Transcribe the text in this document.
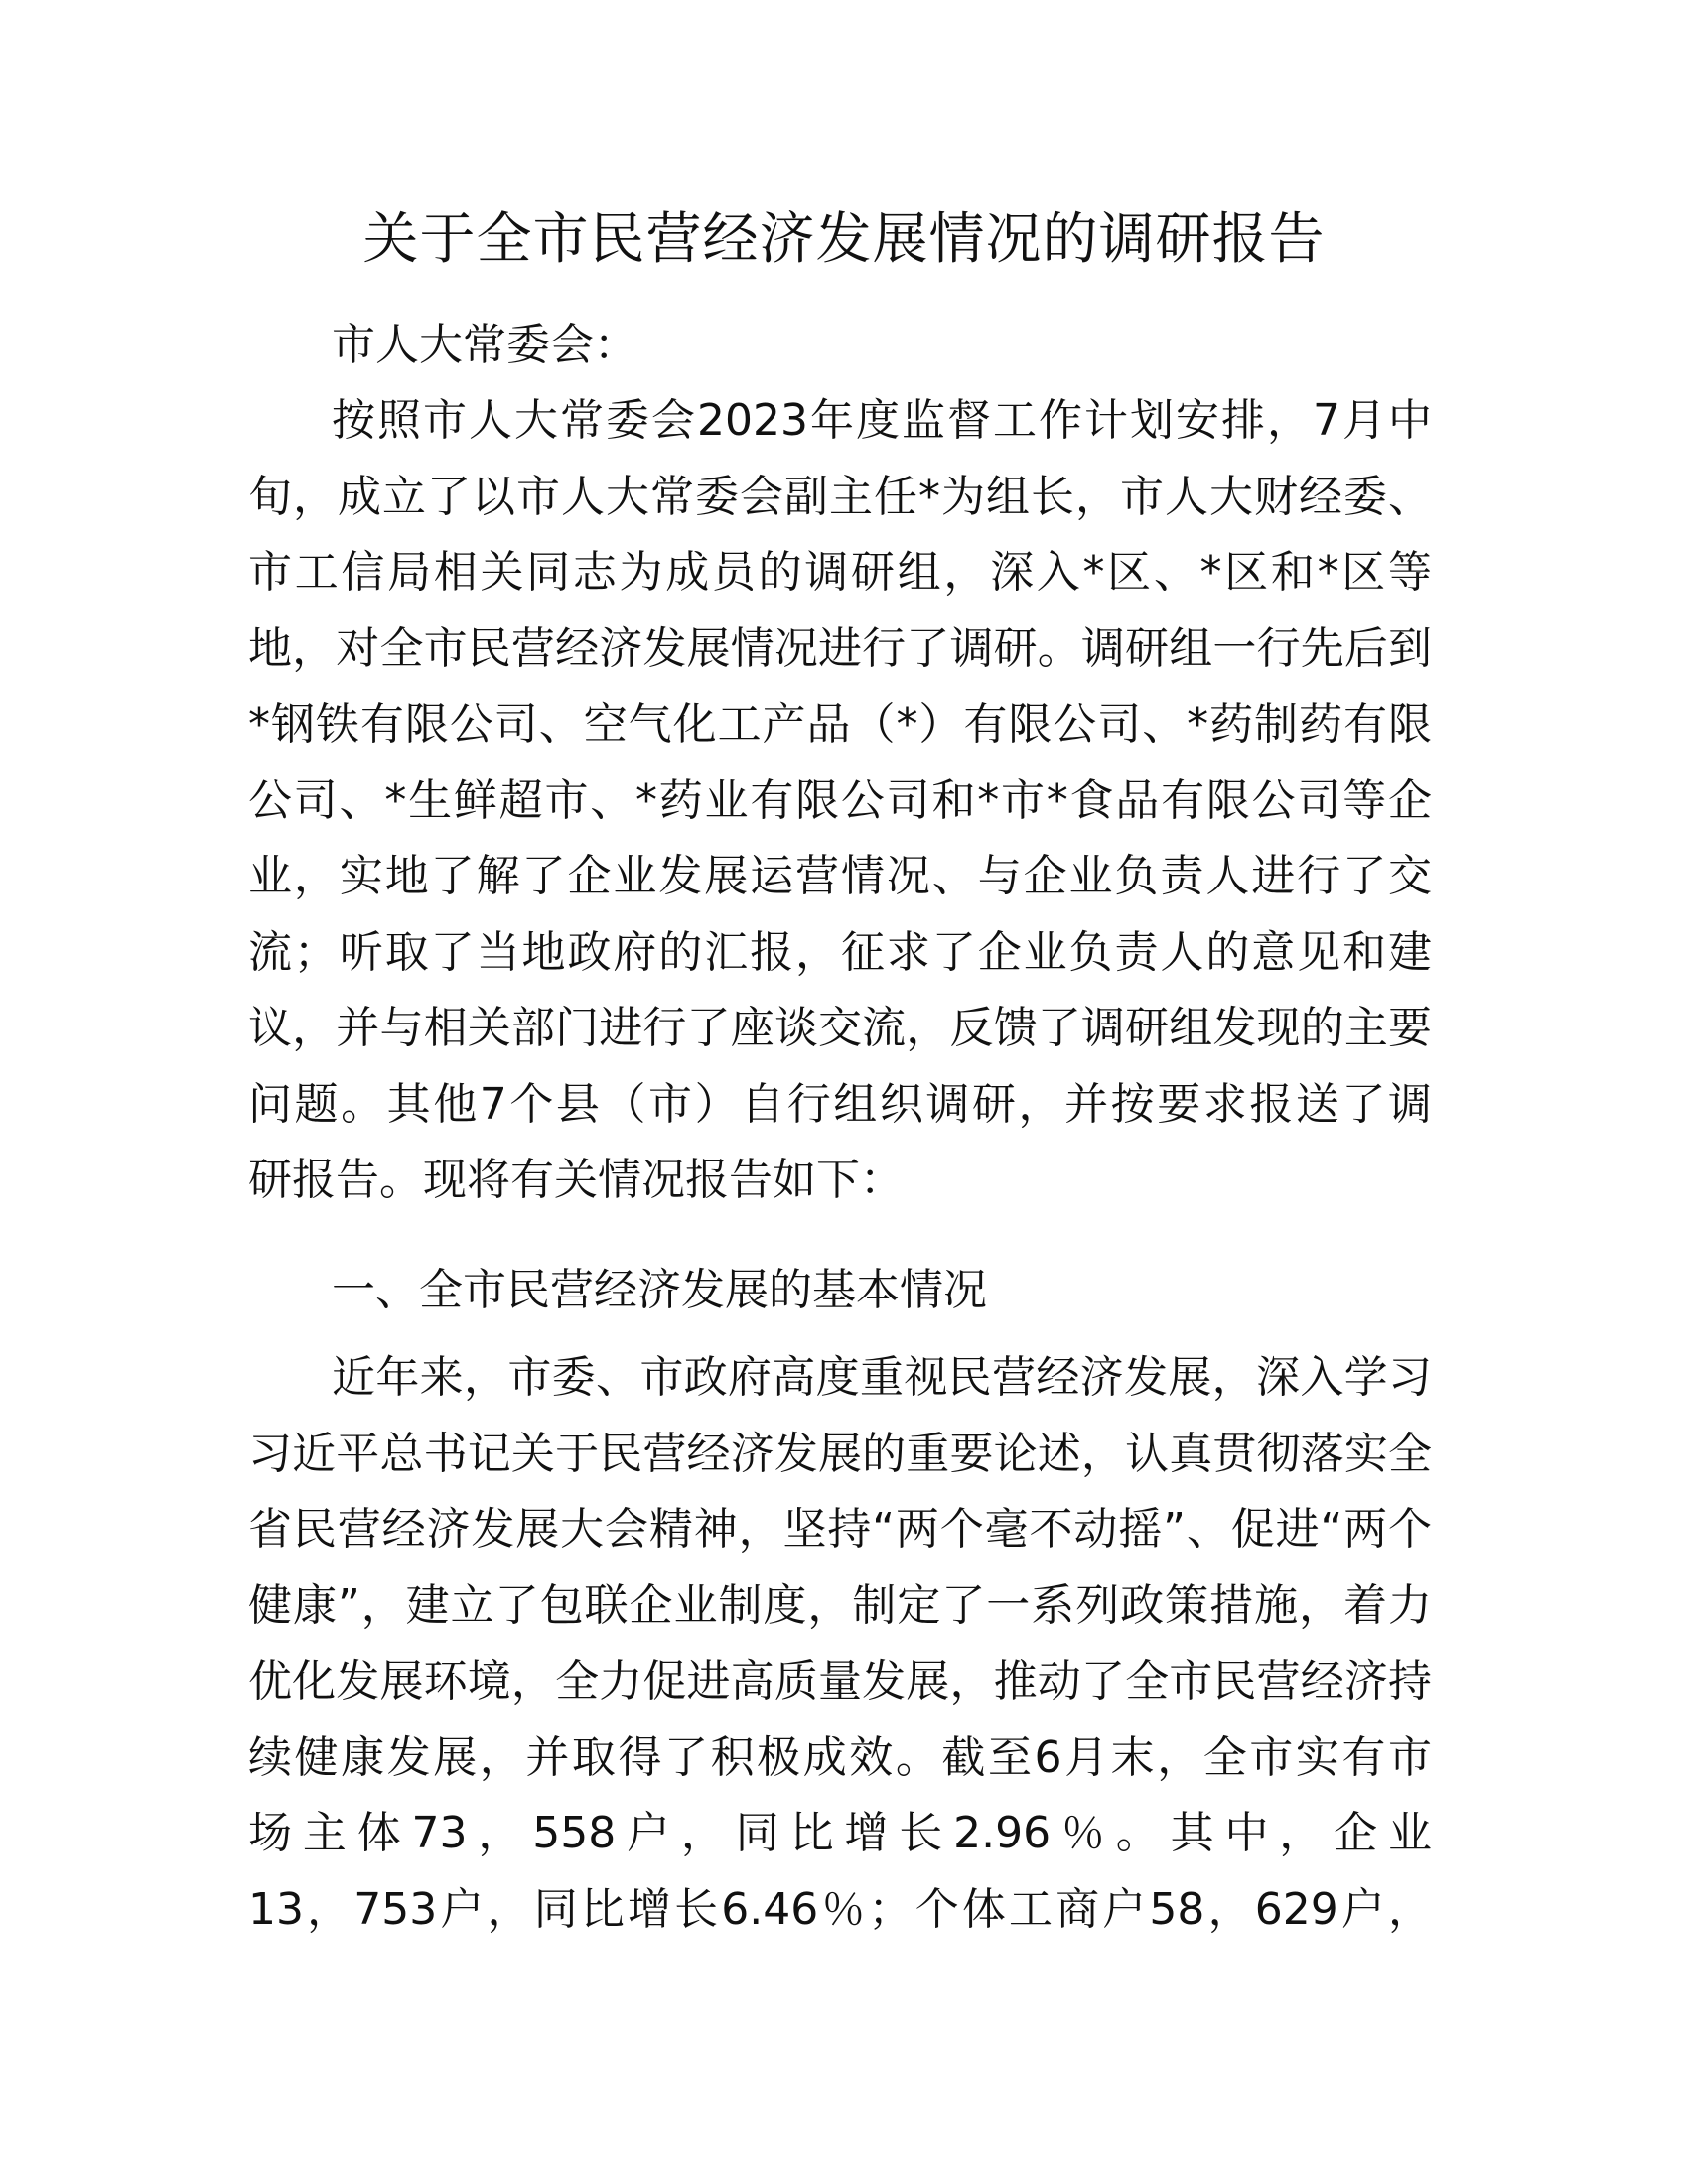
关于全市民营经济发展情况的调研报告

市人大常委会：

按照市人大常委会2023年度监督工作计划安排，7月中
旬，成立了以市人大常委会副主任*为组长，市人大财经委、
市工信局相关同志为成员的调研组，深入*区、*区和*区等
地，对全市民营经济发展情况进行了调研。调研组一行先后到
*钢铁有限公司、空气化工产品（*）有限公司、*药制药有限
公司、*生鲜超市、*药业有限公司和*市*食品有限公司等企
业，实地了解了企业发展运营情况、与企业负责人进行了交
流；听取了当地政府的汇报，征求了企业负责人的意见和建
议，并与相关部门进行了座谈交流，反馈了调研组发现的主要
问题。其他7个县（市）自行组织调研，并按要求报送了调
研报告。现将有关情况报告如下：

一、全市民营经济发展的基本情况

近年来，市委、市政府高度重视民营经济发展，深入学习
习近平总书记关于民营经济发展的重要论述，认真贯彻落实全
省民营经济发展大会精神，坚持“两个毫不动摇”、促进“两个
健康”，建立了包联企业制度，制定了一系列政策措施，着力
优化发展环境，全力促进高质量发展，推动了全市民营经济持
续健康发展，并取得了积极成效。截至6月末，全市实有市
场主体73，558户，同比增长2.96％。其中，企业
13，753户，同比增长6.46％；个体工商户58，629户，
